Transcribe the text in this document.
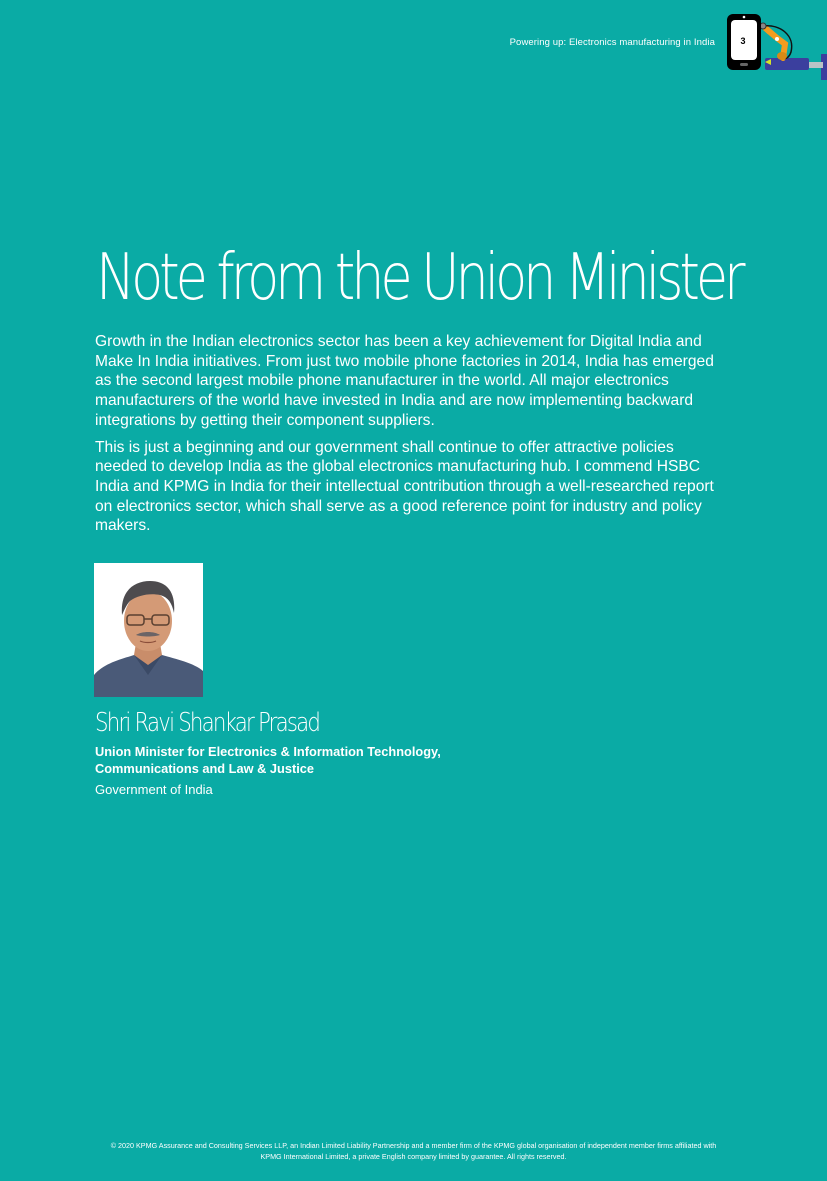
Powering up: Electronics manufacturing in India	3
Note from the Union Minister

Growth in the Indian electronics sector has been a key achievement for Digital India and Make In India initiatives. From just two mobile phone factories in 2014, India has emerged as the second largest mobile phone manufacturer in the world. All major electronics manufacturers of the world have invested in India and are now implementing backward integrations by getting their component suppliers.

This is just a beginning and our government shall continue to offer attractive policies needed to develop India as the global electronics manufacturing hub. I commend HSBC India and KPMG in India for their intellectual contribution through a well-researched report on electronics sector, which shall serve as a good reference point for industry and policy makers.

Shri Ravi Shankar Prasad
Union Minister for Electronics & Information Technology,
Communications and Law & Justice
Government of India
© 2020 KPMG Assurance and Consulting Services LLP, an Indian Limited Liability Partnership and a member firm of the KPMG global organisation of independent member firms affiliated with
KPMG International Limited, a private English company limited by guarantee. All rights reserved.
